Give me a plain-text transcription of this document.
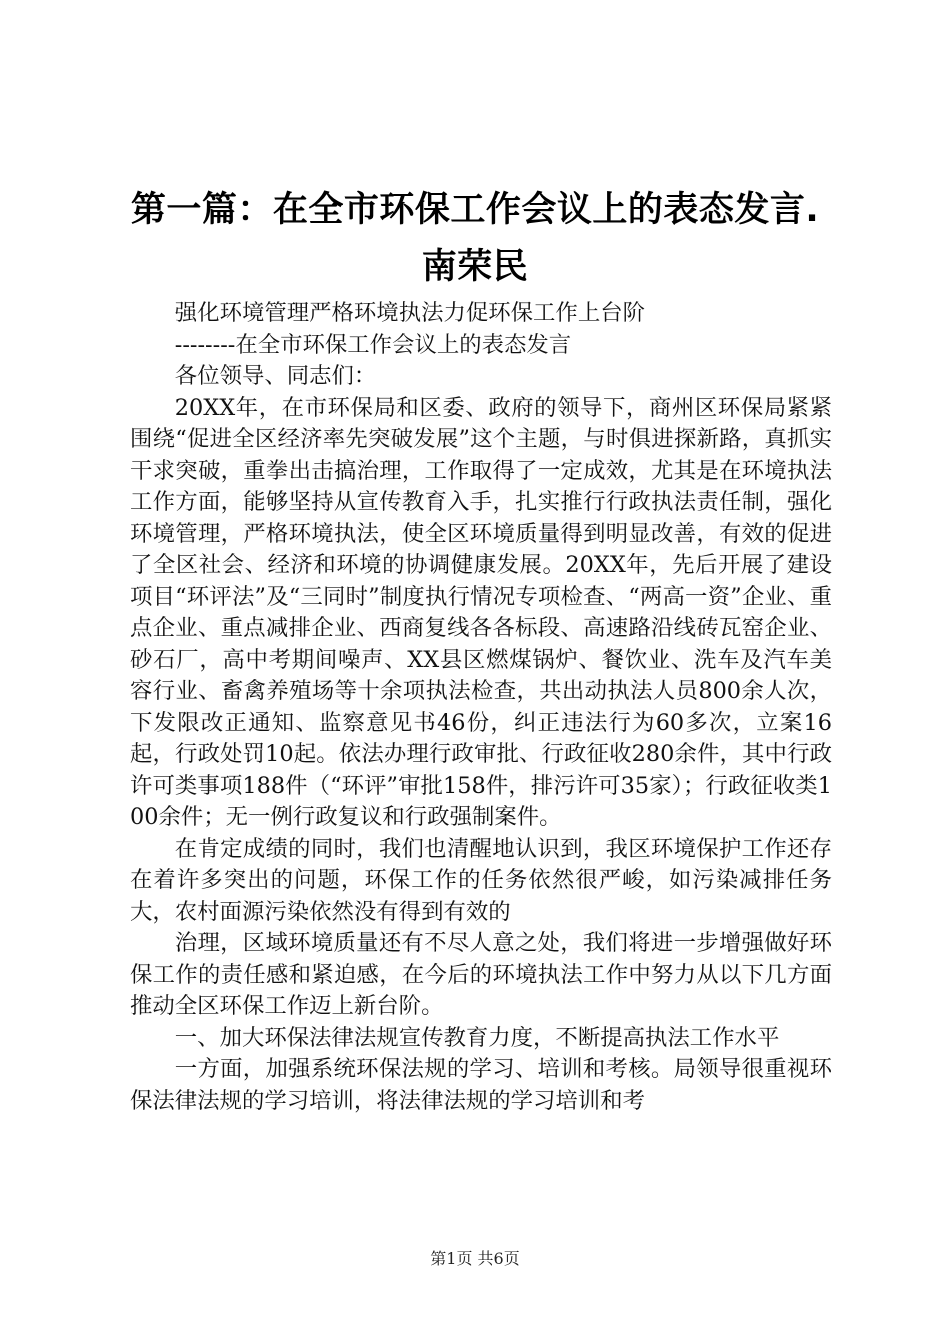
第一篇：在全市环保工作会议上的表态发言.
南荣民

强化环境管理严格环境执法力促环保工作上台阶

--------在全市环保工作会议上的表态发言

各位领导、同志们：

20XX年，在市环保局和区委、政府的领导下，商州区环保局紧紧围绕“促进全区经济率先突破发展”这个主题，与时俱进探新路，真抓实干求突破，重拳出击搞治理，工作取得了一定成效，尤其是在环境执法工作方面，能够坚持从宣传教育入手，扎实推行行政执法责任制，强化环境管理，严格环境执法，使全区环境质量得到明显改善，有效的促进了全区社会、经济和环境的协调健康发展。20XX年，先后开展了建设项目“环评法”及“三同时”制度执行情况专项检查、“两高一资”企业、重点企业、重点减排企业、西商复线各各标段、高速路沿线砖瓦窑企业、砂石厂，高中考期间噪声、XX县区燃煤锅炉、餐饮业、洗车及汽车美容行业、畜禽养殖场等十余项执法检查，共出动执法人员800余人次，下发限改正通知、监察意见书46份，纠正违法行为60多次，立案16起，行政处罚10起。依法办理行政审批、行政征收280余件，其中行政许可类事项188件（“环评”审批158件，排污许可35家）；行政征收类100余件；无一例行政复议和行政强制案件。

在肯定成绩的同时，我们也清醒地认识到，我区环境保护工作还存在着许多突出的问题，环保工作的任务依然很严峻，如污染减排任务大，农村面源污染依然没有得到有效的

治理，区域环境质量还有不尽人意之处，我们将进一步增强做好环保工作的责任感和紧迫感，在今后的环境执法工作中努力从以下几方面推动全区环保工作迈上新台阶。

一、加大环保法律法规宣传教育力度，不断提高执法工作水平

一方面，加强系统环保法规的学习、培训和考核。局领导很重视环保法律法规的学习培训，将法律法规的学习培训和考

第1页 共6页
